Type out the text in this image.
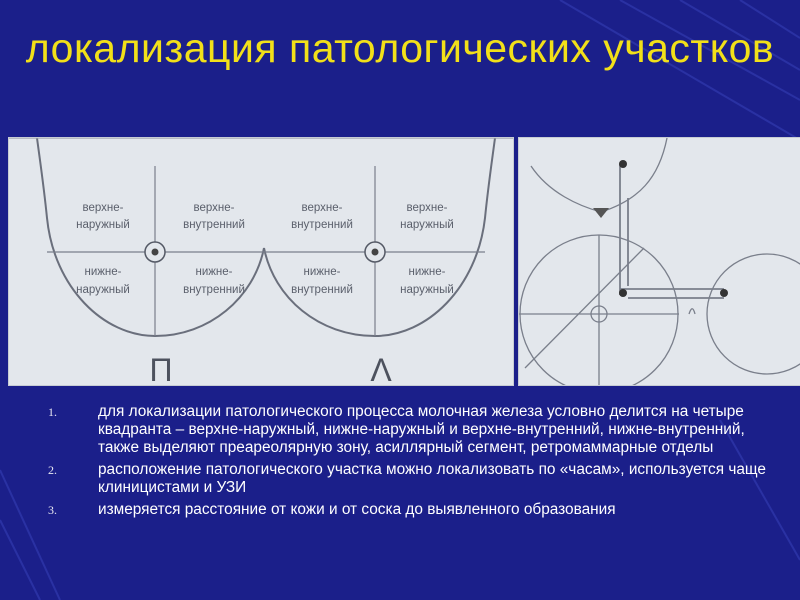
локализация патологических участков
верхне-
наружный
верхне-
внутренний
нижне-
наружный
нижне-
внутренний
верхне-
внутренний
верхне-
наружный
нижне-
внутренний
нижне-
наружный
П	Λ
1.	для локализации патологического процесса молочная железа условно делится на четыре квадранта – верхне-наружный, нижне-наружный и верхне-внутренний, нижне-внутренний, также выделяют преареолярную зону, асиллярный сегмент, ретромаммарные отделы
2.	расположение патологического участка можно локализовать по «часам», используется чаще клиницистами и УЗИ
3.	измеряется расстояние от кожи и от соска до выявленного образования
